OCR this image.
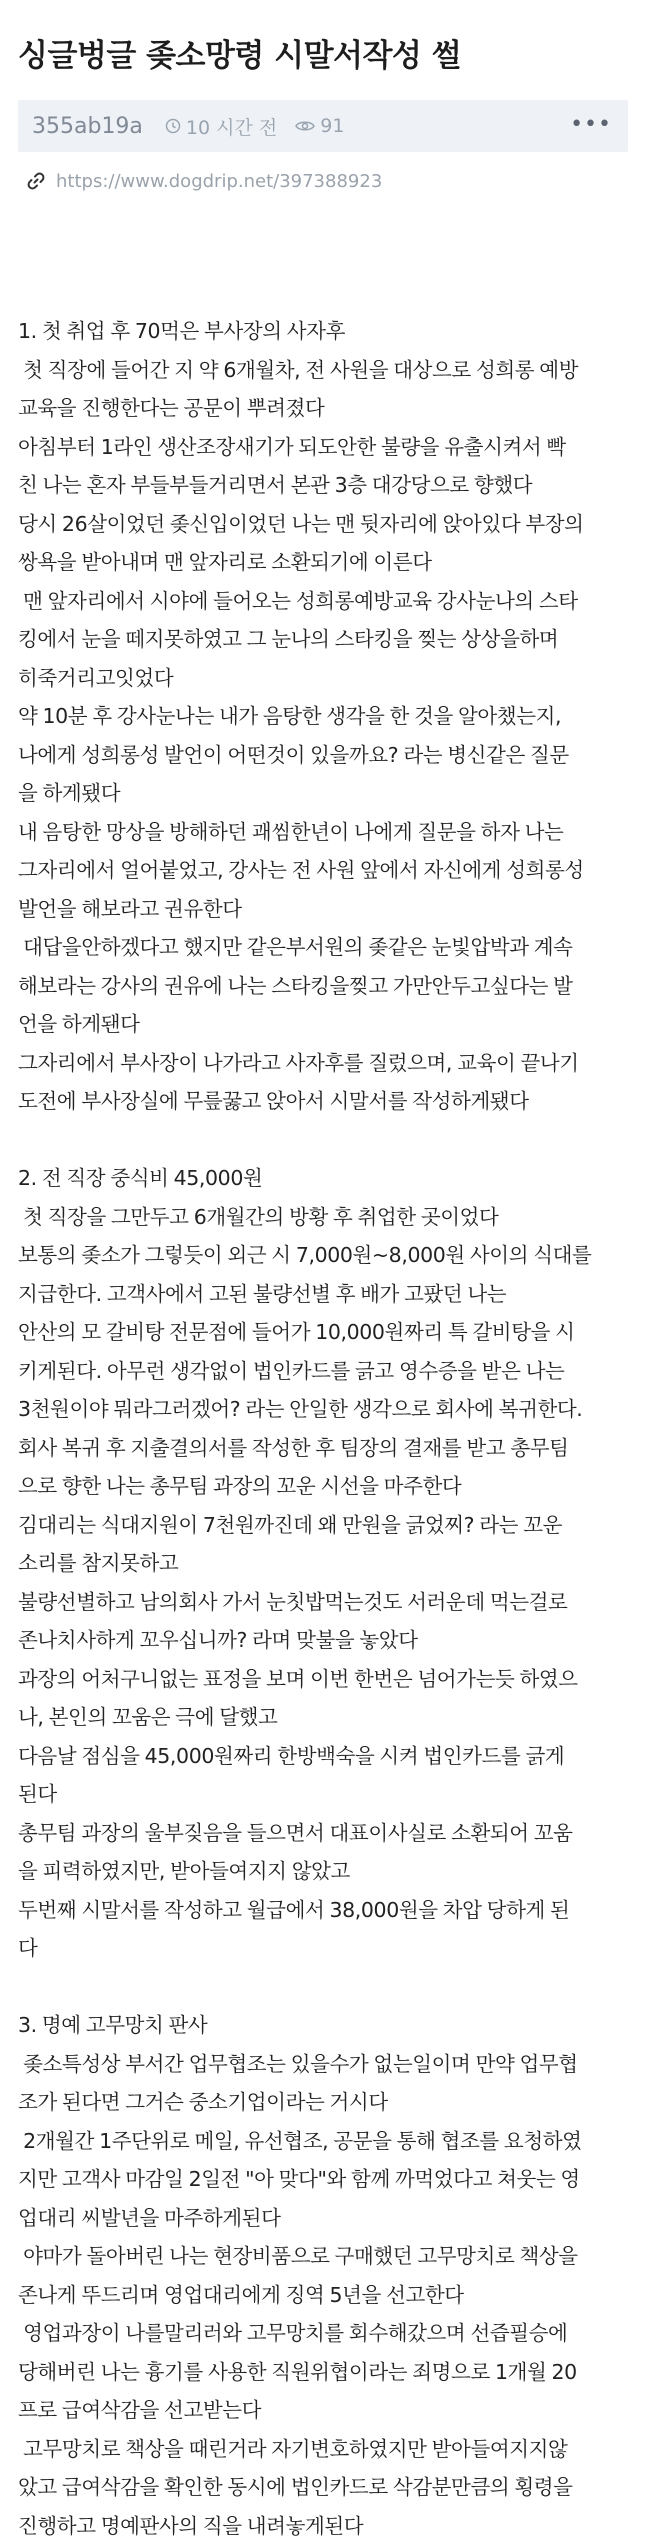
싱글벙글 좆소망령 시말서작성 썰
355ab19a 10 시간 전 91	•••
https://www.dogdrip.net/397388923
1. 첫 취업 후 70먹은 부사장의 사자후
첫 직장에 들어간 지 약 6개월차, 전 사원을 대상으로 성희롱 예방
교육을 진행한다는 공문이 뿌려졌다
아침부터 1라인 생산조장새기가 되도안한 불량을 유출시켜서 빡
친 나는 혼자 부들부들거리면서 본관 3층 대강당으로 향했다
당시 26살이었던 좆신입이었던 나는 맨 뒷자리에 앉아있다 부장의
쌍욕을 받아내며 맨 앞자리로 소환되기에 이른다
맨 앞자리에서 시야에 들어오는 성희롱예방교육 강사눈나의 스타
킹에서 눈을 떼지못하였고 그 눈나의 스타킹을 찢는 상상을하며
히죽거리고잇었다
약 10분 후 강사눈나는 내가 음탕한 생각을 한 것을 알아챘는지,
나에게 성희롱성 발언이 어떤것이 있을까요? 라는 병신같은 질문
을 하게됐다
내 음탕한 망상을 방해하던 괘씸한년이 나에게 질문을 하자 나는
그자리에서 얼어붙었고, 강사는 전 사원 앞에서 자신에게 성희롱성
발언을 해보라고 권유한다
대답을안하겠다고 했지만 같은부서원의 좆같은 눈빛압박과 계속
해보라는 강사의 권유에 나는 스타킹을찢고 가만안두고싶다는 발
언을 하게됀다
그자리에서 부사장이 나가라고 사자후를 질렀으며, 교육이 끝나기
도전에 부사장실에 무릎꿇고 앉아서 시말서를 작성하게됐다
2. 전 직장 중식비 45,000원
첫 직장을 그만두고 6개월간의 방황 후 취업한 곳이었다
보통의 좆소가 그렇듯이 외근 시 7,000원~8,000원 사이의 식대를
지급한다. 고객사에서 고된 불량선별 후 배가 고팠던 나는
안산의 모 갈비탕 전문점에 들어가 10,000원짜리 특 갈비탕을 시
키게된다. 아무런 생각없이 법인카드를 긁고 영수증을 받은 나는
3천원이야 뭐라그러겠어? 라는 안일한 생각으로 회사에 복귀한다.
회사 복귀 후 지출결의서를 작성한 후 팀장의 결재를 받고 총무팀
으로 향한 나는 총무팀 과장의 꼬운 시선을 마주한다
김대리는 식대지원이 7천원까진데 왜 만원을 긁었찌? 라는 꼬운
소리를 참지못하고
불량선별하고 남의회사 가서 눈칫밥먹는것도 서러운데 먹는걸로
존나치사하게 꼬우십니까? 라며 맞불을 놓았다
과장의 어처구니없는 표정을 보며 이번 한번은 넘어가는듯 하였으
나, 본인의 꼬움은 극에 달했고
다음날 점심을 45,000원짜리 한방백숙을 시켜 법인카드를 긁게
된다
총무팀 과장의 울부짖음을 들으면서 대표이사실로 소환되어 꼬움
을 피력하였지만, 받아들여지지 않았고
두번째 시말서를 작성하고 월급에서 38,000원을 차압 당하게 된
다
3. 명예 고무망치 판사
좆소특성상 부서간 업무협조는 있을수가 없는일이며 만약 업무협
조가 된다면 그거슨 중소기업이라는 거시다
2개월간 1주단위로 메일, 유선협조, 공문을 통해 협조를 요청하였
지만 고객사 마감일 2일전 "아 맞다"와 함께 까먹었다고 쳐웃는 영
업대리 씨발년을 마주하게된다
야마가 돌아버린 나는 현장비품으로 구매했던 고무망치로 책상을
존나게 뚜드리며 영업대리에게 징역 5년을 선고한다
영업과장이 나를말리러와 고무망치를 회수해갔으며 선즙필승에
당해버린 나는 흉기를 사용한 직원위협이라는 죄명으로 1개월 20
프로 급여삭감을 선고받는다
고무망치로 책상을 때린거라 자기변호하였지만 받아들여지지않
았고 급여삭감을 확인한 동시에 법인카드로 삭감분만큼의 횡령을
진행하고 명예판사의 직을 내려놓게된다
